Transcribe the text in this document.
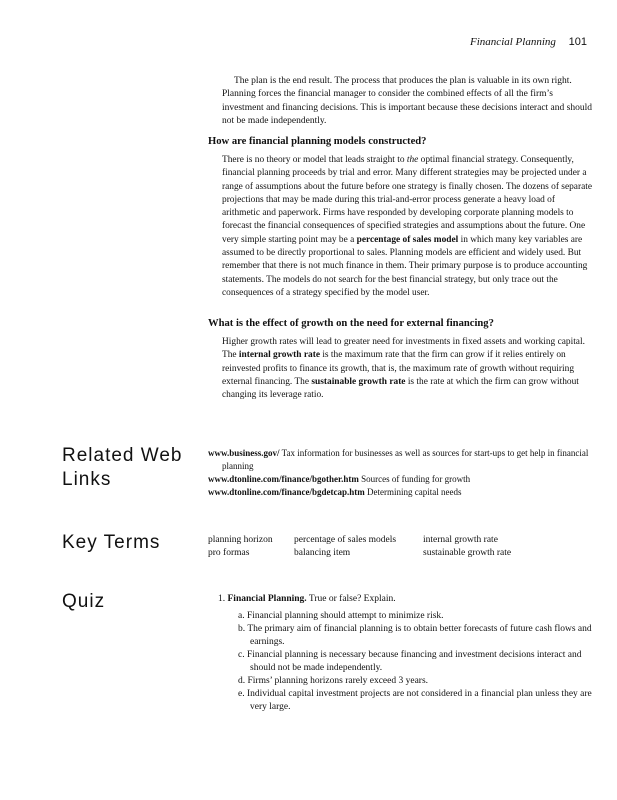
Financial Planning 101

The plan is the end result. The process that produces the plan is valuable in its own right. Planning forces the financial manager to consider the combined effects of all the firm’s investment and financing decisions. This is important because these decisions interact and should not be made independently.

How are financial planning models constructed?

There is no theory or model that leads straight to the optimal financial strategy. Consequently, financial planning proceeds by trial and error. Many different strategies may be projected under a range of assumptions about the future before one strategy is finally chosen. The dozens of separate projections that may be made during this trial-and-error process generate a heavy load of arithmetic and paperwork. Firms have responded by developing corporate planning models to forecast the financial consequences of specified strategies and assumptions about the future. One very simple starting point may be a percentage of sales model in which many key variables are assumed to be directly proportional to sales. Planning models are efficient and widely used. But remember that there is not much finance in them. Their primary purpose is to produce accounting statements. The models do not search for the best financial strategy, but only trace out the consequences of a strategy specified by the model user.

What is the effect of growth on the need for external financing?

Higher growth rates will lead to greater need for investments in fixed assets and working capital. The internal growth rate is the maximum rate that the firm can grow if it relies entirely on reinvested profits to finance its growth, that is, the maximum rate of growth without requiring external financing. The sustainable growth rate is the rate at which the firm can grow without changing its leverage ratio.

Related Web Links

www.business.gov/ Tax information for businesses as well as sources for start-ups to get help in financial planning

www.dtonline.com/finance/bgother.htm Sources of funding for growth

www.dtonline.com/finance/bgdetcap.htm Determining capital needs

Key Terms	planning horizon
pro formas
percentage of sales models
balancing item
internal growth rate
sustainable growth rate
Quiz	1. Financial Planning. True or false? Explain.

a. Financial planning should attempt to minimize risk.
b. The primary aim of financial planning is to obtain better forecasts of future cash flows and earnings.
c. Financial planning is necessary because financing and investment decisions interact and should not be made independently.
d. Firms’ planning horizons rarely exceed 3 years.
e. Individual capital investment projects are not considered in a financial plan unless they are very large.
